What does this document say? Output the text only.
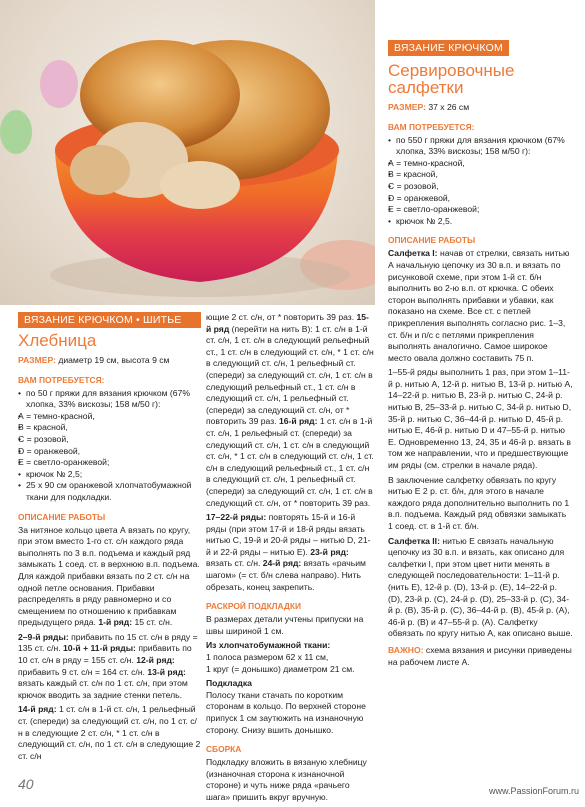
ВЯЗАНИЕ КРЮЧКОМ
Сервировочные
салфетки
РАЗМЕР: 37 х 26 см
ВАМ ПОТРЕБУЕТСЯ:
• по 550 г пряжи для вязания крючком (67% хлопка, 33% вискозы; 158 м/50 г):
• А = темно-красной,
• В = красной,
• С = розовой,
• D = оранжевой,
• Е = светло-оранжевой;
• крючок № 2,5.
ОПИСАНИЕ РАБОТЫ
Салфетка I: начав от стрелки, связать нитью А начальную цепочку из 30 в.п. и вязать по рисунковой схеме, при этом 1-й ст. б/н выполнить во 2-ю в.п. от крючка. С обеих сторон выполнять прибавки и убавки, как показано на схеме. Все ст. с петлей прикрепления выполнять согласно рис. 1–3, ст. б/н и п/с с петлями прикрепления выполнять аналогично. Самое широкое место овала должно составить 75 п.
1–55-й ряды выполнить 1 раз, при этом 1–11-й р. нитью А, 12-й р. нитью В, 13-й р. нитью А, 14–22-й р. нитью В, 23-й р. нитью С, 24-й р. нитью В, 25–33-й р. нитью С, 34-й р. нитью D, 35-й р. нитью С, 36–44-й р. нитью D, 45-й р. нитью Е, 46-й р. нитью D и 47–55-й р. нитью Е. Одновременно 13, 24, 35 и 46-й р. вязать в том же направлении, что и предшествующие им ряды (см. стрелки в начале ряда).
В заключение салфетку обвязать по кругу нитью Е 2 р. ст. б/н, для этого в начале каждого ряда дополнительно выполнить по 1 в.п. подъема. Каждый ряд обвязки замыкать 1 соед. ст. в 1-й ст. б/н.
Салфетка II: нитью Е связать начальную цепочку из 30 в.п. и вязать, как описано для салфетки I, при этом цвет нити менять в следующей последовательности: 1–11-й р. (нить Е), 12-й р. (D), 13-й р. (Е), 14–22-й р. (D), 23-й р. (С), 24-й р. (D), 25–33-й р. (С), 34-й р. (В), 35-й р. (С), 36–44-й р. (В), 45-й р. (А), 46-й р. (В) и 47–55-й р. (А). Салфетку обвязать по кругу нитью А, как описано выше.
ВАЖНО: схема вязания и рисунки приведены на рабочем листе А.
ВЯЗАНИЕ КРЮЧКОМ • ШИТЬЕ
Хлебница
РАЗМЕР: диаметр 19 см, высота 9 см
ВАМ ПОТРЕБУЕТСЯ:
• по 50 г пряжи для вязания крючком (67% хлопка, 33% вискозы; 158 м/50 г):
• А = темно-красной,
• В = красной,
• С = розовой,
• D = оранжевой,
• Е = светло-оранжевой;
• крючок № 2,5;
• 25 х 90 см оранжевой хлопчатобумажной ткани для подкладки.
ОПИСАНИЕ РАБОТЫ
За нитяное кольцо цвета А вязать по кругу, при этом вместо 1-го ст. с/н каждого ряда выполнять по 3 в.п. подъема и каждый ряд замыкать 1 соед. ст. в верхнюю в.п. подъема. Для каждой прибавки вязать по 2 ст. с/н на одной петле основания. Прибавки распределять в ряду равномерно и со смещением по отношению к прибавкам предыдущего ряда. 1-й ряд: 15 ст. с/н.
2–9-й ряды: прибавить по 15 ст. с/н в ряду = 135 ст. с/н. 10-й + 11-й ряды: прибавить по 10 ст. с/н в ряду = 155 ст. с/н. 12-й ряд: прибавить 9 ст. с/н = 164 ст. с/н. 13-й ряд: вязать каждый ст. с/н по 1 ст. с/н, при этом крючок вводить за задние стенки петель.
14-й ряд: 1 ст. с/н в 1-й ст. с/н, 1 рельефный ст. (спереди) за следующий ст. с/н, по 1 ст. с/н в следующие 2 ст. с/н, * 1 ст. с/н в следующий ст. с/н, по 1 ст. с/н в следующие 2 ст. с/н
ющие 2 ст. с/н, от * повторить 39 раз. 15-й ряд (перейти на нить В): 1 ст. с/н в 1-й ст. с/н, 1 ст. с/н в следующий рельефный ст., 1 ст. с/н в следующий ст. с/н, * 1 ст. с/н в следующий ст. с/н, 1 рельефный ст. (спереди) за следующий ст. с/н, 1 ст. с/н в следующий рельефный ст., 1 ст. с/н в следующий ст. с/н, 1 рельефный ст. (спереди) за следующий ст. с/н, от * повторить 39 раз. 16-й ряд: 1 ст. с/н в 1-й ст. с/н, 1 рельефный ст. (спереди) за следующий ст. с/н, 1 ст. с/н в следующий ст. с/н, * 1 ст. с/н в следующий ст. с/н, 1 ст. с/н в следующий рельефный ст., 1 ст. с/н в следующий ст. с/н, 1 рельефный ст. (спереди) за следующий ст. с/н, 1 ст. с/н в следующий ст. с/н, от * повторить 39 раз.
17–22-й ряды: повторять 15-й и 16-й ряды (при этом 17-й и 18-й ряды вязать нитью С, 19-й и 20-й ряды – нитью D, 21-й и 22-й ряды – нитью Е). 23-й ряд: вязать ст. с/н. 24-й ряд: вязать «рачьим шагом» (= ст. б/н слева направо). Нить обрезать, конец закрепить.
РАСКРОЙ ПОДКЛАДКИ
В размерах детали учтены припуски на швы шириной 1 см.
Из хлопчатобумажной ткани:
1 полоса размером 62 х 11 см,
1 круг (= донышко) диаметром 21 см.
Подкладка
Полосу ткани стачать по коротким сторонам в кольцо. По верхней стороне припуск 1 см заутюжить на изнаночную сторону. Снизу вшить донышко.
СБОРКА
Подкладку вложить в вязаную хлебницу (изнаночная сторона к изнаночной стороне) и чуть ниже ряда «рачьего шага» пришить вкруг вручную.
40	www.PassionForum.ru
